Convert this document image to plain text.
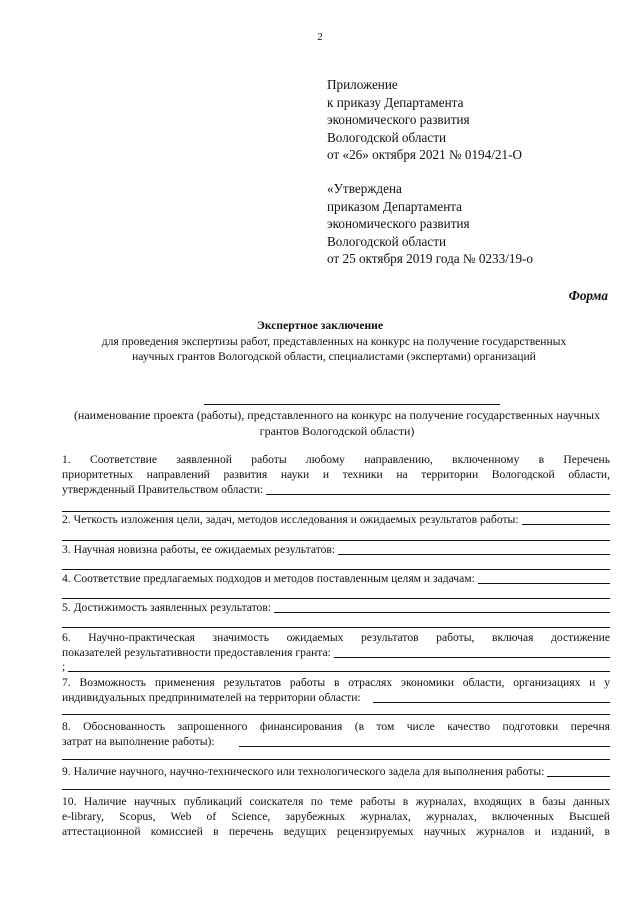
2
Приложение
к приказу Департамента
экономического развития
Вологодской области
от «26» октября 2021 № 0194/21-О
«Утверждена
приказом Департамента
экономического развития
Вологодской области
от 25 октября 2019 года № 0233/19-о
Форма
Экспертное заключение
для проведения экспертизы работ, представленных на конкурс на получение государственных научных грантов Вологодской области, специалистами (экспертами) организаций
(наименование проекта (работы), представленного на конкурс на получение государственных научных грантов Вологодской области)
1. Соответствие заявленной работы любому направлению, включенному в Перечень
приоритетных направлений развития науки и техники на территории Вологодской области,
утвержденный Правительством области:
2. Четкость изложения цели, задач, методов исследования и ожидаемых результатов работы:
3. Научная новизна работы, ее ожидаемых результатов:
4. Соответствие предлагаемых подходов и методов поставленным целям и задачам:
5. Достижимость заявленных результатов:
6. Научно-практическая значимость ожидаемых результатов работы, включая достижение
показателей результативности предоставления гранта:
;
7. Возможность применения результатов работы в отраслях экономики области, организациях и у
индивидуальных предпринимателей на территории области:
8. Обоснованность запрошенного финансирования (в том числе качество подготовки перечня
затрат на выполнение работы):
9. Наличие научного, научно-технического или технологического задела для выполнения работы:
10. Наличие научных публикаций соискателя по теме работы в журналах, входящих в базы данных
e-library, Scopus, Web of Science, зарубежных журналах, журналах, включенных Высшей
аттестационной комиссией в перечень ведущих рецензируемых научных журналов и изданий, в
